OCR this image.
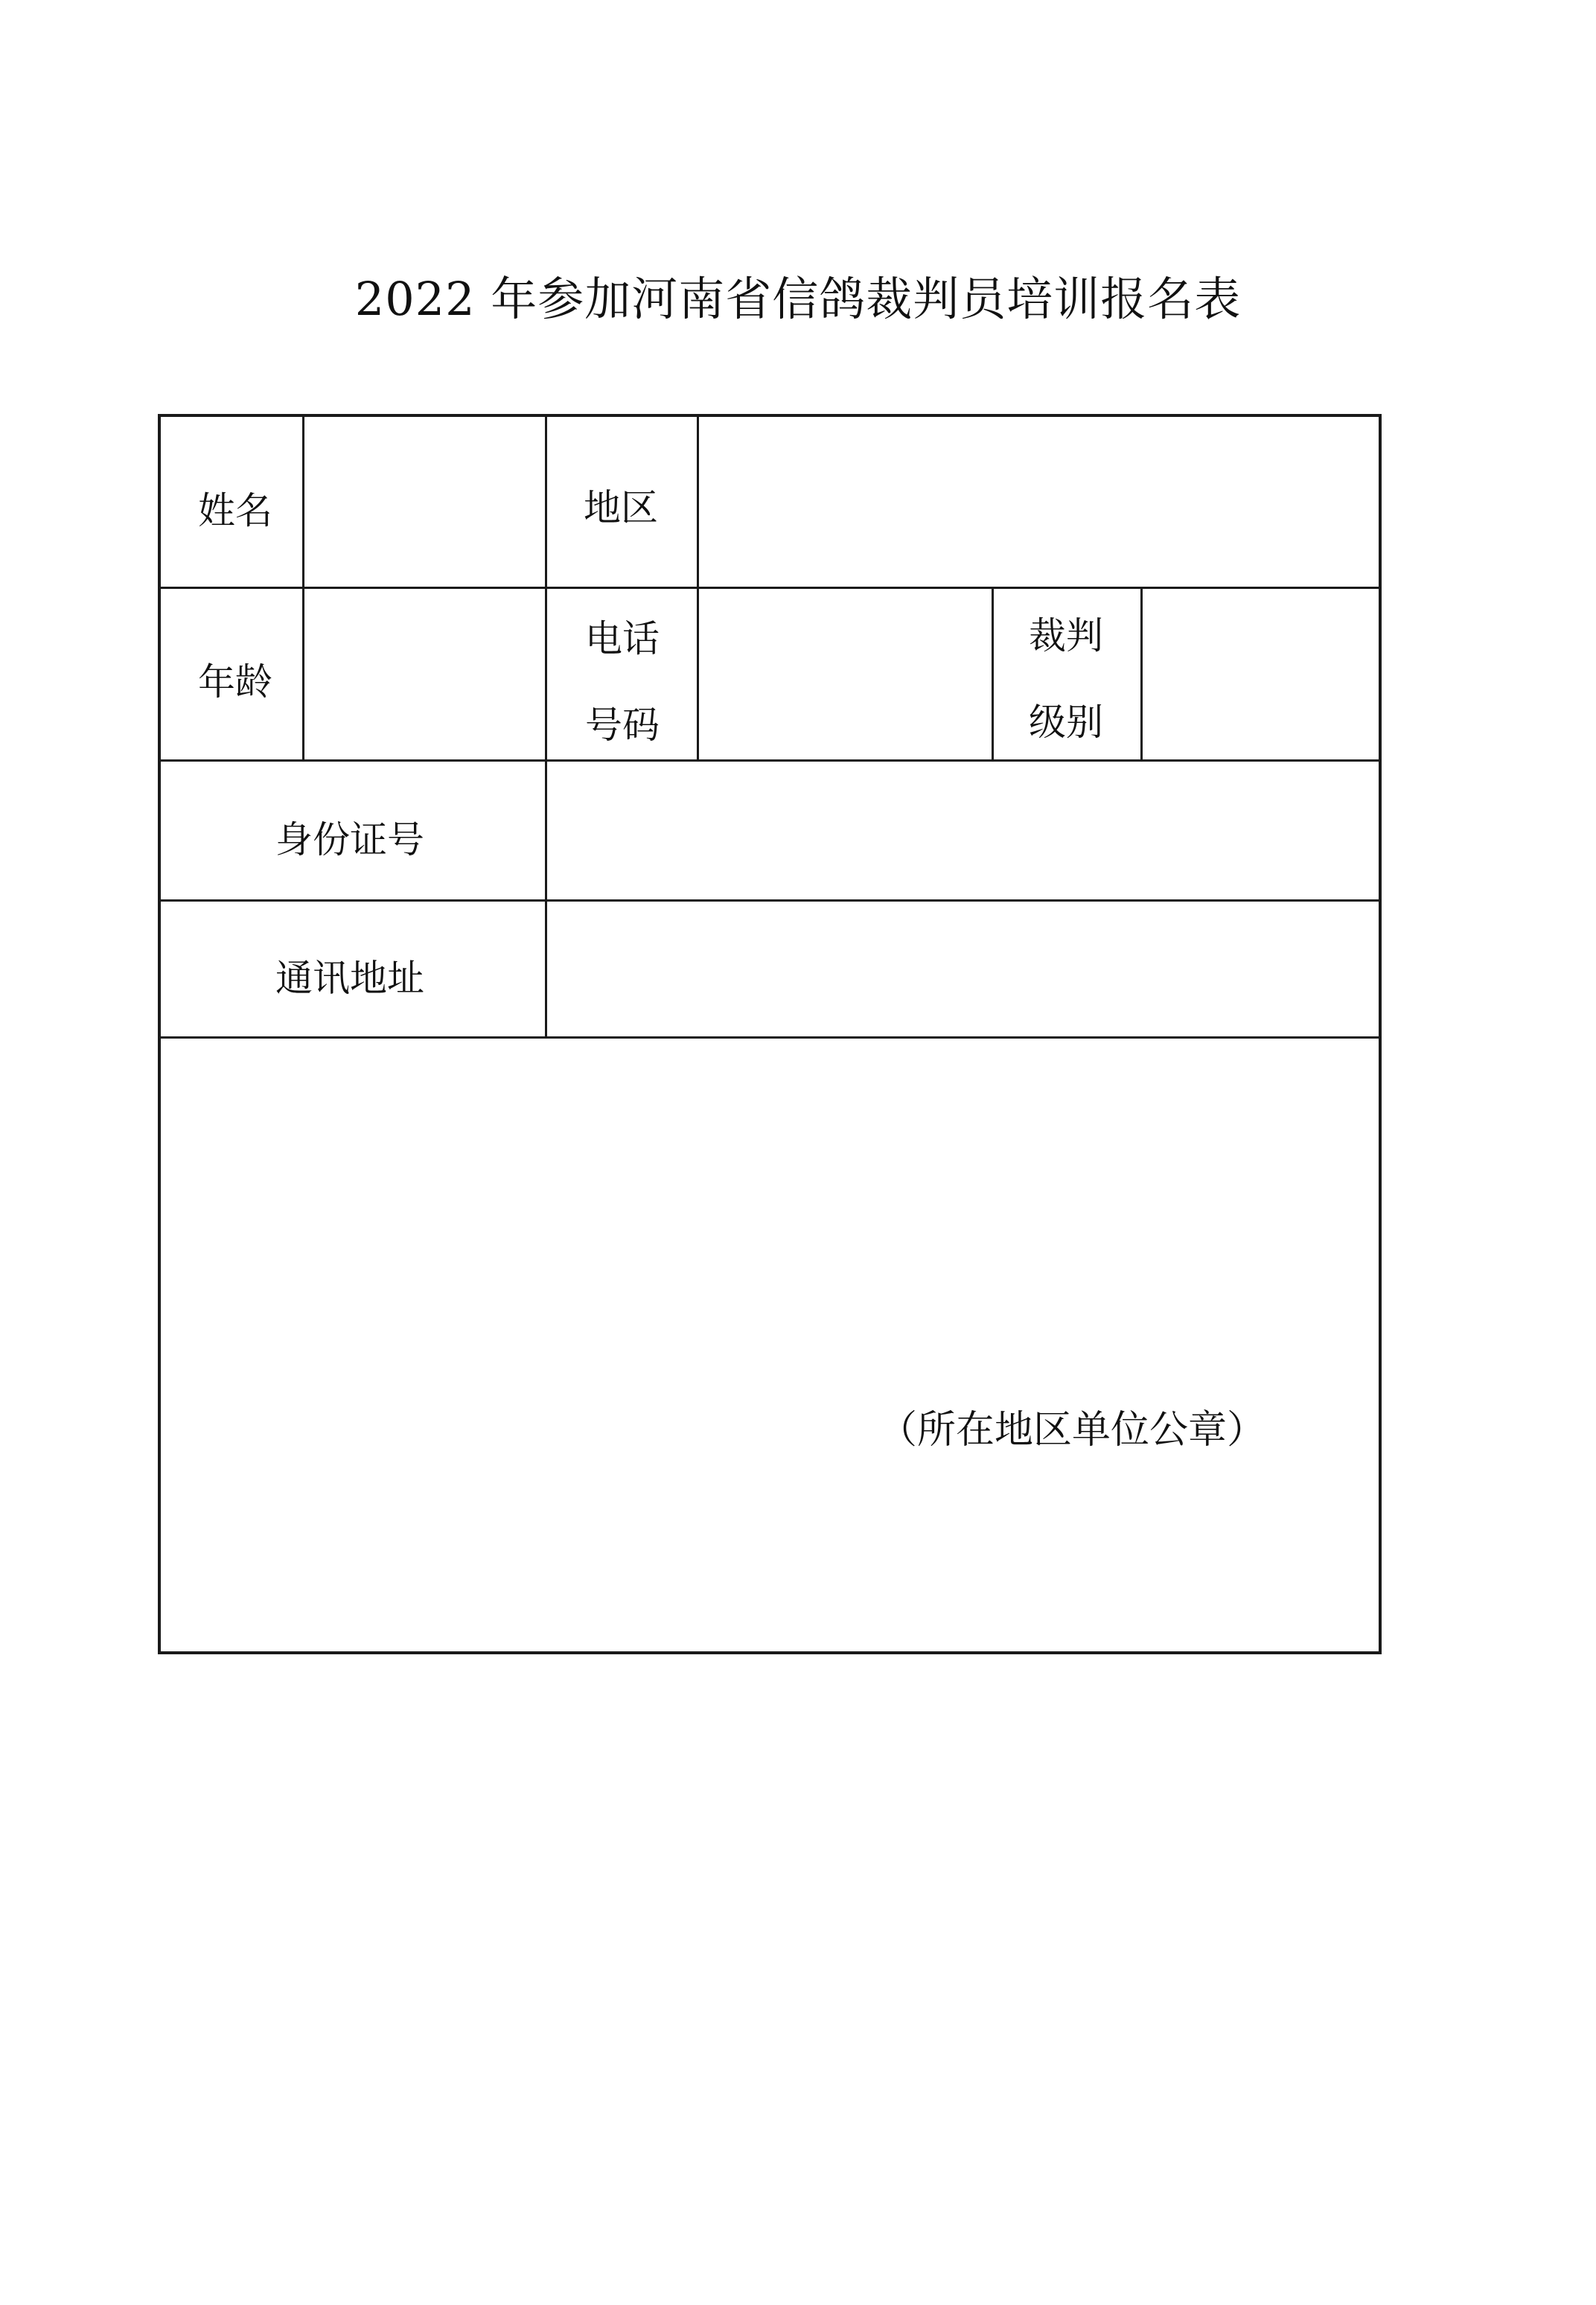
2022 年参加河南省信鸽裁判员培训报名表
姓名	地区
年龄
电话
号码
裁判
级别
身份证号
通讯地址
（所在地区单位公章）
